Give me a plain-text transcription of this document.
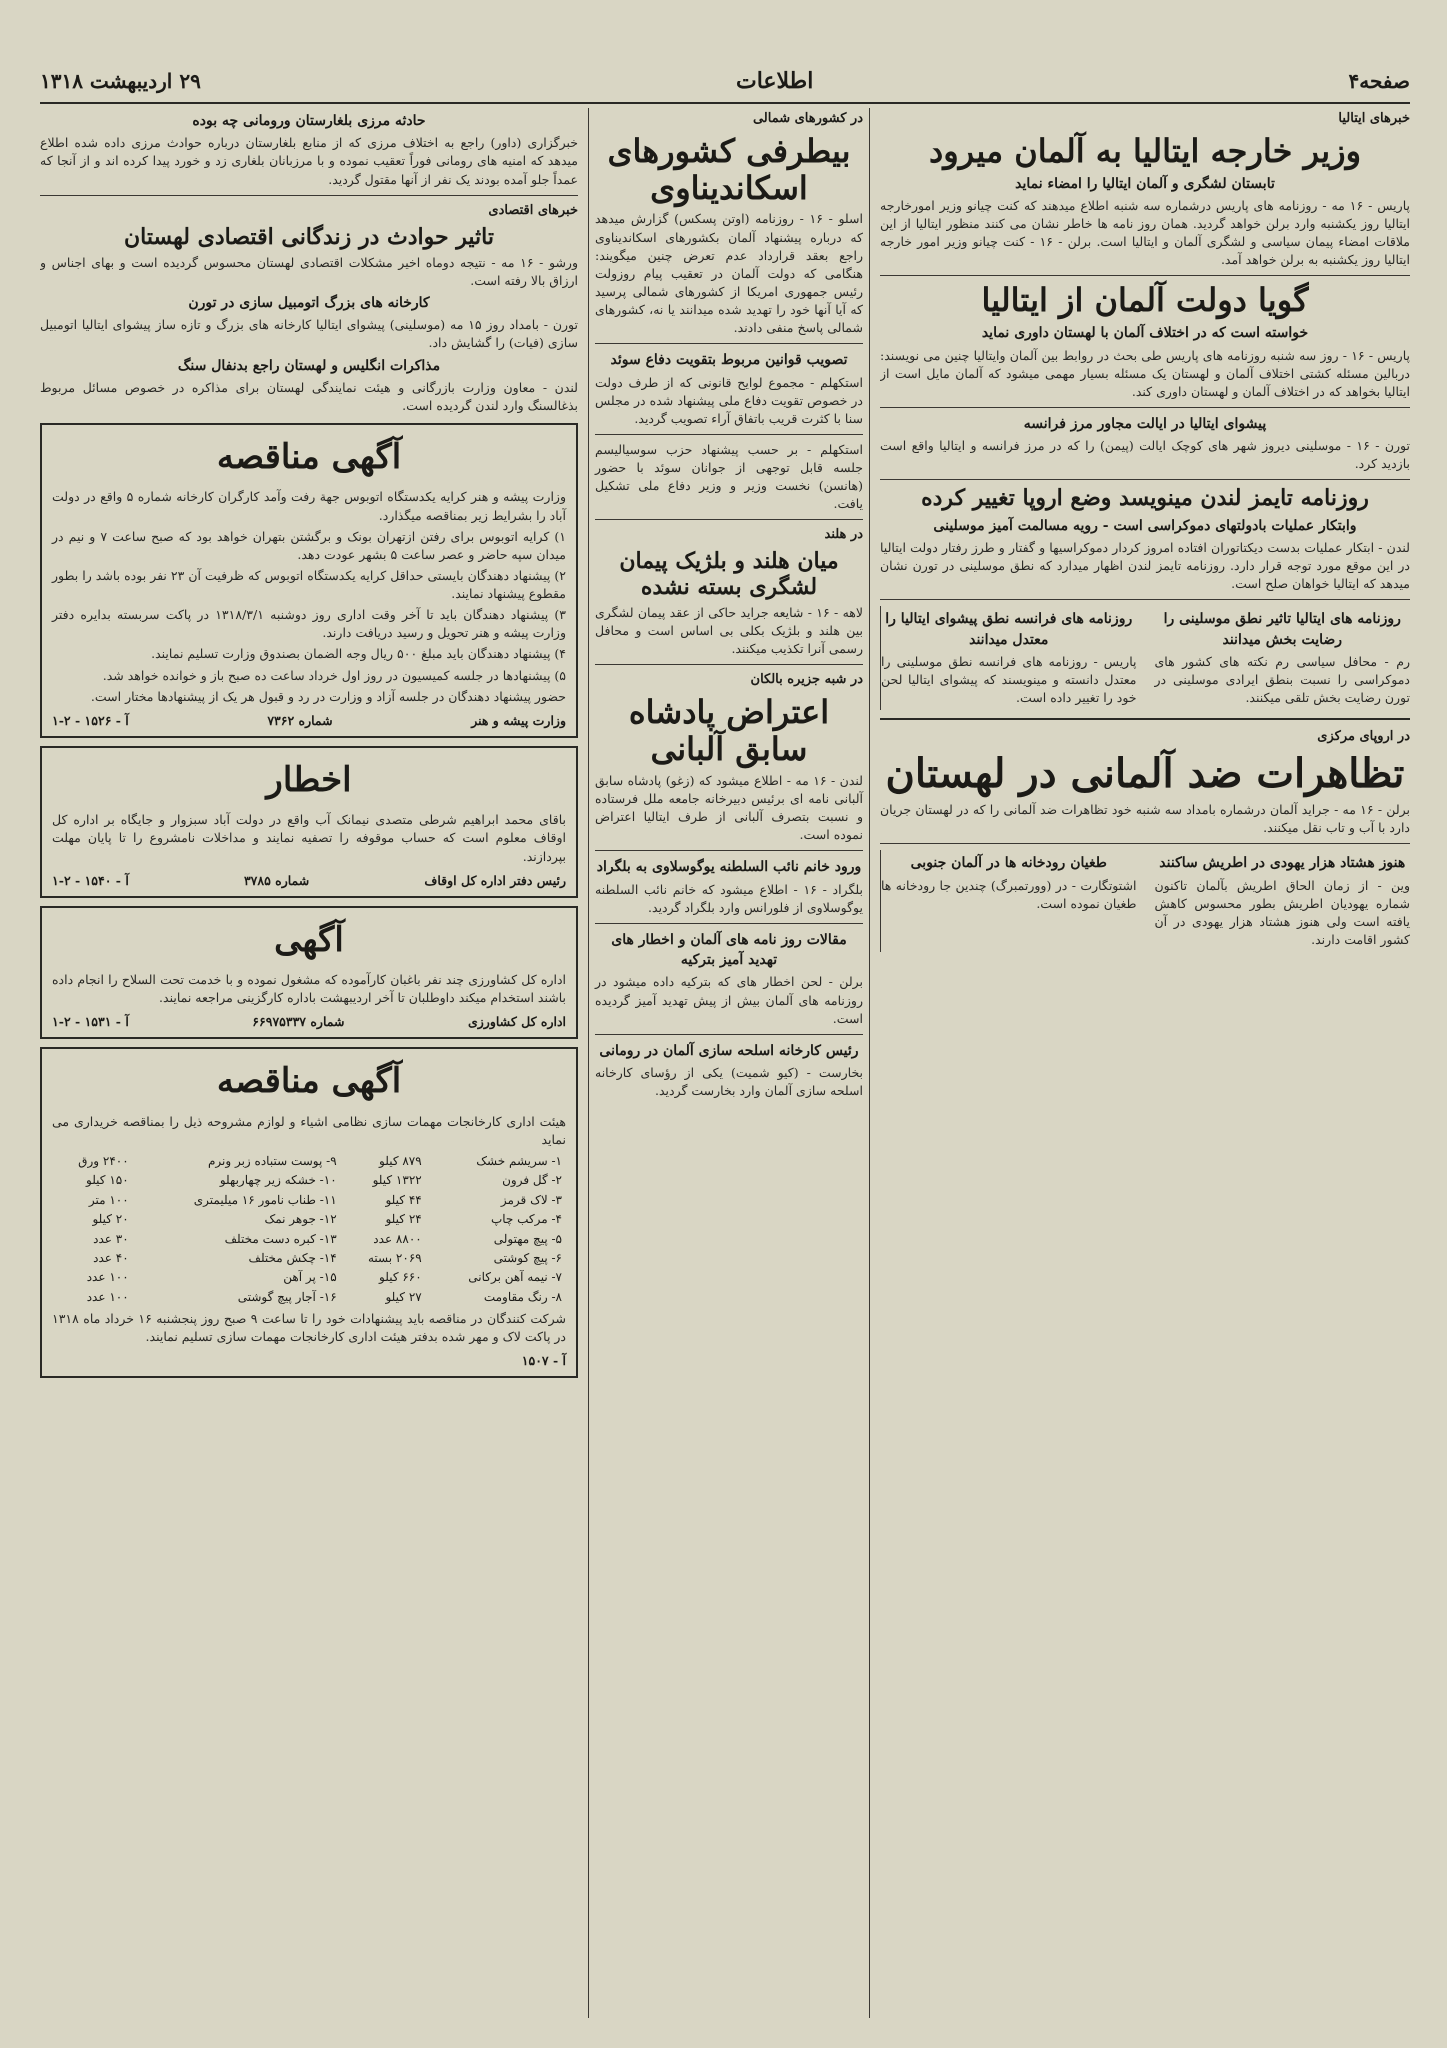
صفحه۴
اطلاعات
۲۹ اردیبهشت ۱۳۱۸
خبرهای ایتالیا
وزیر خارجه ایتالیا به آلمان میرود
تابستان لشگری و آلمان ایتالیا را امضاء نماید
پاریس - ۱۶ مه - روزنامه های پاریس درشماره سه شنبه اطلاع میدهند که کنت چیانو وزیر امورخارجه ایتالیا روز یکشنبه وارد برلن خواهد گردید. همان روز نامه ها خاطر نشان می کنند منظور ایتالیا از این ملاقات امضاء پیمان سیاسی و لشگری آلمان و ایتالیا است. برلن - ۱۶ - کنت چیانو وزیر امور خارجه ایتالیا روز یکشنبه به برلن خواهد آمد.
گویا دولت آلمان از ایتالیا
خواسته است که در اختلاف آلمان با لهستان داوری نماید
پاریس - ۱۶ - روز سه شنبه روزنامه های پاریس طی بحث در روابط بین آلمان وایتالیا چنین می نویسند: دربالین مسئله کشتی اختلاف آلمان و لهستان یک مسئله بسیار مهمی میشود که آلمان مایل است از ایتالیا بخواهد که در اختلاف آلمان و لهستان داوری کند.
پیشوای ایتالیا در ایالت مجاور مرز فرانسه
تورن - ۱۶ - موسلینی دیروز شهر های کوچک ایالت (پیمن) را که در مرز فرانسه و ایتالیا واقع است بازدید کرد.
روزنامه تایمز لندن مینویسد وضع اروپا تغییر کرده
وابتکار عملیات بادولتهای دموکراسی است - رویه مسالمت آمیز موسلینی
لندن - ابتکار عملیات بدست دیکتاتوران افتاده امروز کردار دموکراسیها و گفتار و طرز رفتار دولت ایتالیا در این موقع مورد توجه قرار دارد. روزنامه تایمز لندن اظهار میدارد که نطق موسلینی در تورن نشان میدهد که ایتالیا خواهان صلح است.
روزنامه های ایتالیا تاثیر نطق موسلینی را رضایت بخش میدانند
رم - محافل سیاسی رم نکته های کشور های دموکراسی را نسبت بنطق ایرادی موسلینی در تورن رضایت بخش تلقی میکنند.
روزنامه های فرانسه نطق پیشوای ایتالیا را معتدل میدانند
پاریس - روزنامه های فرانسه نطق موسلینی را معتدل دانسته و مینویسند که پیشوای ایتالیا لحن خود را تغییر داده است.
در اروپای مرکزی
تظاهرات ضد آلمانی در لهستان
برلن - ۱۶ مه - جراید آلمان درشماره بامداد سه شنبه خود تظاهرات ضد آلمانی را که در لهستان جریان دارد با آب و تاب نقل میکنند.
هنوز هشتاد هزار یهودی در اطریش ساکنند
وین - از زمان الحاق اطریش بآلمان تاکنون شماره یهودیان اطریش بطور محسوس کاهش یافته است ولی هنوز هشتاد هزار یهودی در آن کشور اقامت دارند.
طغیان رودخانه ها در آلمان جنوبی
اشتوتگارت - در (وورتمبرگ) چندین جا رودخانه ها طغیان نموده است.
در کشورهای شمالی
بیطرفی کشورهای اسکاندیناوی
اسلو - ۱۶ - روزنامه (اوتن پسکس) گزارش میدهد که درباره پیشنهاد آلمان بکشورهای اسکاندیناوی راجع بعقد قرارداد عدم تعرض چنین میگویند: هنگامی که دولت آلمان در تعقیب پیام روزولت رئیس جمهوری امریکا از کشورهای شمالی پرسید که آیا آنها خود را تهدید شده میدانند یا نه، کشورهای شمالی پاسخ منفی دادند.
تصویب قوانین مربوط بتقویت دفاع سوئد
استکهلم - مجموع لوایح قانونی که از طرف دولت در خصوص تقویت دفاع ملی پیشنهاد شده در مجلس سنا با کثرت قریب باتفاق آراء تصویب گردید.
استکهلم - بر حسب پیشنهاد حزب سوسیالیسم جلسه قابل توجهی از جوانان سوئد با حضور (هانسن) نخست وزیر و وزیر دفاع ملی تشکیل یافت.
در هلند
میان هلند و بلژیک پیمان لشگری بسته نشده
لاهه - ۱۶ - شایعه جراید حاکی از عقد پیمان لشگری بین هلند و بلژیک بکلی بی اساس است و محافل رسمی آنرا تکذیب میکنند.
در شبه جزیره بالکان
اعتراض پادشاه سابق آلبانی
لندن - ۱۶ مه - اطلاع میشود که (زغو) پادشاه سابق آلبانی نامه ای برئیس دبیرخانه جامعه ملل فرستاده و نسبت بتصرف آلبانی از طرف ایتالیا اعتراض نموده است.
ورود خانم نائب السلطنه یوگوسلاوی به بلگراد
بلگراد - ۱۶ - اطلاع میشود که خانم نائب السلطنه یوگوسلاوی از فلورانس وارد بلگراد گردید.
مقالات روز نامه های آلمان و اخطار های تهدید آمیز بترکیه
برلن - لحن اخطار های که بترکیه داده میشود در روزنامه های آلمان بیش از پیش تهدید آمیز گردیده است.
رئیس کارخانه اسلحه سازی آلمان در رومانی
بخارست - (کیو شمیت) یکی از رؤسای کارخانه اسلحه سازی آلمان وارد بخارست گردید.
حادثه مرزی بلغارستان ورومانی چه بوده
خبرگزاری (داور) راجع به اختلاف مرزی که از منابع بلغارستان درباره حوادث مرزی داده شده اطلاع میدهد که امنیه های رومانی فوراً تعقیب نموده و با مرزبانان بلغاری زد و خورد پیدا کرده اند و از آنجا که عمداً جلو آمده بودند یک نفر از آنها مقتول گردید.
خبرهای اقتصادی
تاثیر حوادث در زندگانی اقتصادی لهستان
ورشو - ۱۶ مه - نتیجه دوماه اخیر مشکلات اقتصادی لهستان محسوس گردیده است و بهای اجناس و ارزاق بالا رفته است.
کارخانه های بزرگ اتومبیل سازی در تورن
تورن - بامداد روز ۱۵ مه (موسلینی) پیشوای ایتالیا کارخانه های بزرگ و تازه ساز پیشوای ایتالیا اتومبیل سازی (فیات) را گشایش داد.
مذاکرات انگلیس و لهستان راجع بدنفال سنگ
لندن - معاون وزارت بازرگانی و هیئت نمایندگی لهستان برای مذاکره در خصوص مسائل مربوط بذغالسنگ وارد لندن گردیده است.
آگهی مناقصه
وزارت پیشه و هنر کرایه یکدستگاه اتوبوس جهة رفت وآمد کارگران کارخانه شماره ۵ واقع در دولت آباد را بشرایط زیر بمناقصه میگذارد.
۱) کرایه اتوبوس برای رفتن ازتهران بونک و برگشتن بتهران خواهد بود که صبح ساعت ۷ و نیم در میدان سپه حاضر و عصر ساعت ۵ بشهر عودت دهد.
۲) پیشنهاد دهندگان بایستی حداقل کرایه یکدستگاه اتوبوس که ظرفیت آن ۲۳ نفر بوده باشد را بطور مقطوع پیشنهاد نمایند.
۳) پیشنهاد دهندگان باید تا آخر وقت اداری روز دوشنبه ۱۳۱۸/۳/۱ در پاکت سربسته بدایره دفتر وزارت پیشه و هنر تحویل و رسید دریافت دارند.
۴) پیشنهاد دهندگان باید مبلغ ۵۰۰ ریال وجه الضمان بصندوق وزارت تسلیم نمایند.
۵) پیشنهادها در جلسه کمیسیون در روز اول خرداد ساعت ده صبح باز و خوانده خواهد شد.
حضور پیشنهاد دهندگان در جلسه آزاد و وزارت در رد و قبول هر یک از پیشنهادها مختار است.
وزارت پیشه و هنر
شماره ۷۳۶۲
آ - ۱۵۲۶ - ۲-۱
اخطار
باقای محمد ابراهیم شرطی متصدی نیمانک آب واقع در دولت آباد سبزوار و جایگاه بر اداره کل اوقاف معلوم است که حساب موقوفه را تصفیه نمایند و مداخلات نامشروع را تا پایان مهلت بپردازند.
رئیس دفتر اداره کل اوقاف
شماره ۳۷۸۵
آ - ۱۵۴۰ - ۲-۱
آگهی
اداره کل کشاورزی چند نفر باغبان کارآموده که مشغول نموده و با خدمت تحت السلاح را انجام داده باشند استخدام میکند داوطلبان تا آخر اردیبهشت باداره کارگزینی مراجعه نمایند.
اداره کل کشاورزی
شماره ۶۶۹۷۵۳۳۷
آ - ۱۵۳۱ - ۲-۱
آگهی مناقصه
هیئت اداری کارخانجات مهمات سازی نظامی اشیاء و لوازم مشروحه ذیل را بمناقصه خریداری می نماید
۱- سریشم خشک	۸۷۹ کیلو	۹- پوست ستباده زبر ونرم	۲۴۰۰ ورق
۲- گل فرون	۱۳۲۲ کیلو	۱۰- خشکه زیر چهاربهلو	۱۵۰ کیلو
۳- لاک قرمز	۴۴ کیلو	۱۱- طناب نامور ۱۶ میلیمتری	۱۰۰ متر
۴- مرکب چاپ	۲۴ کیلو	۱۲- جوهر نمک	۲۰ کیلو
۵- پیچ مهتولی	۸۸۰۰ عدد	۱۳- کبره دست مختلف	۳۰ عدد
۶- پیچ کوشتی	۲۰۶۹ بسته	۱۴- چکش مختلف	۴۰ عدد
۷- نیمه آهن برکانی	۶۶۰ کیلو	۱۵- پر آهن	۱۰۰ عدد
۸- رنگ مقاومت	۲۷ کیلو	۱۶- آجار پیچ گوشتی	۱۰۰ عدد
شرکت کنندگان در مناقصه باید پیشنهادات خود را تا ساعت ۹ صبح روز پنجشنبه ۱۶ خرداد ماه ۱۳۱۸ در پاکت لاک و مهر شده بدفتر هیئت اداری کارخانجات مهمات سازی تسلیم نمایند.
آ - ۱۵۰۷
